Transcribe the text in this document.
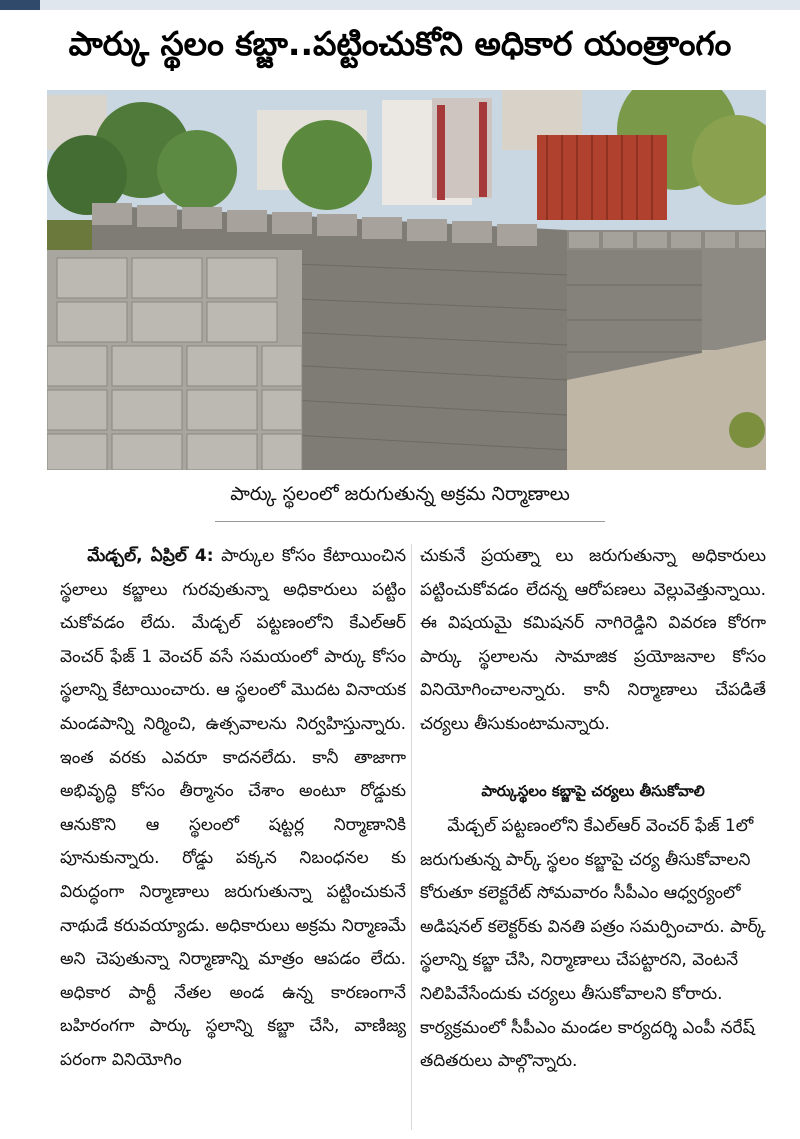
పార్కు స్థలం కబ్జా..పట్టించుకోని అధికార యంత్రాంగం
పార్కు స్థలంలో జరుగుతున్న అక్రమ నిర్మాణాలు

మేడ్చల్, ఏప్రిల్ 4: పార్కుల కోసం కేటాయించిన స్థలాలు కబ్జాలు గురవుతున్నా అధికారులు పట్టిం చుకోవడం లేదు. మేడ్చల్ పట్టణంలోని కేఎల్‌ఆర్ వెంచర్ ఫేజ్ 1 వెంచర్ వసే సమయంలో పార్కు కోసం స్థలాన్ని కేటాయించారు. ఆ స్థలంలో మొదట వినాయక మండపాన్ని నిర్మించి, ఉత్సవాలను నిర్వహిస్తున్నారు. ఇంత వరకు ఎవరూ కాదనలేదు. కానీ తాజాగా అభివృద్ధి కోసం తీర్మానం చేశాం అంటూ రోడ్డుకు ఆనుకొని ఆ స్థలంలో షట్టర్ల నిర్మాణానికి పూనుకున్నారు. రోడ్డు పక్కన నిబంధనల కు విరుద్ధంగా నిర్మాణాలు జరుగుతున్నా పట్టించుకునే నాథుడే కరువయ్యాడు. అధికారులు అక్రమ నిర్మాణమే అని చెపుతున్నా నిర్మాణాన్ని మాత్రం ఆపడం లేదు. అధికార పార్టీ నేతల అండ ఉన్న కారణంగానే బహిరంగగా పార్కు స్థలాన్ని కబ్జా చేసి, వాణిజ్య పరంగా వినియోగిం

చుకునే ప్రయత్నా లు జరుగుతున్నా అధికారులు పట్టించుకోవడం లేదన్న ఆరోపణలు వెల్లువెత్తున్నాయి. ఈ విషయమై కమిషనర్ నాగిరెడ్డిని వివరణ కోరగా పార్కు స్థలాలను సామాజిక ప్రయోజనాల కోసం వినియోగించాలన్నారు. కానీ నిర్మాణాలు చేపడితే చర్యలు తీసుకుంటామన్నారు.

పార్కుస్థలం కబ్జాపై చర్యలు తీసుకోవాలి

మేడ్చల్ పట్టణంలోని కేఎల్‌ఆర్ వెంచర్ ఫేజ్ 1లో జరుగుతున్న పార్క్ స్థలం కబ్జాపై చర్య తీసుకోవాలని కోరుతూ కలెక్టరేట్ సోమవారం సీపీఎం ఆధ్వర్యంలో అడిషనల్ కలెక్టర్‌కు వినతి పత్రం సమర్పించారు. పార్క్ స్థలాన్ని కబ్జా చేసి, నిర్మాణాలు చేపట్టారని, వెంటనే నిలిపివేసేందుకు చర్యలు తీసుకోవాలని కోరారు. కార్యక్రమంలో సీపీఎం మండల కార్యదర్శి ఎంపీ నరేష్ తదితరులు పాల్గొన్నారు.
